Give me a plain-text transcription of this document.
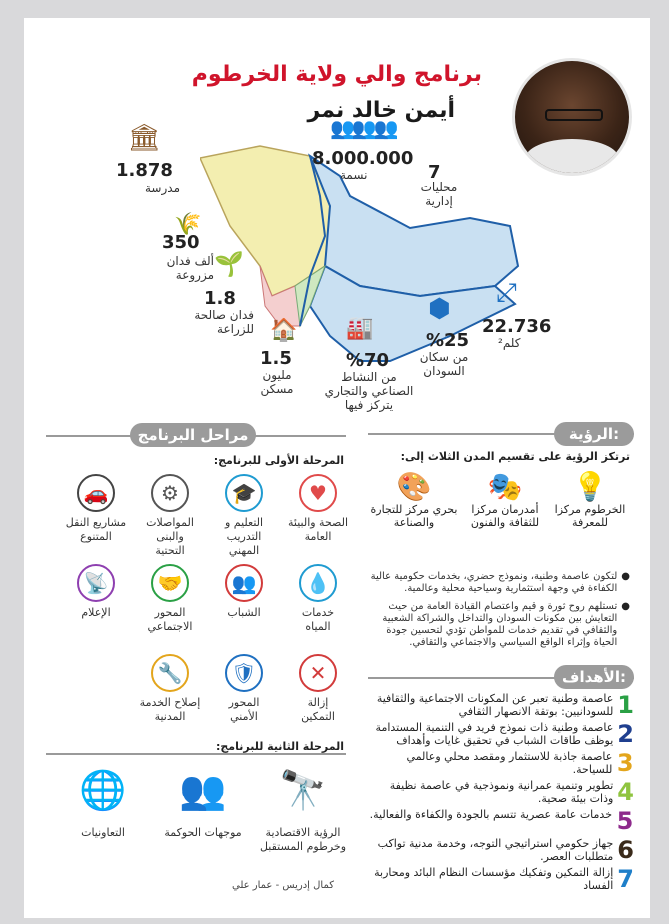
برنامج والي ولاية الخرطوم
أيمن خالد نمر
🏛
1.878
مدرسة
👥👥👥
8.000.000
نسمة	7
محليات
إدارية
🌾
350
ألف فدان
مزروعة 🌱
1.8
فدان صالحة
للزراعة 🏠
1.5
مليون
مسكن
🏭
%70
من النشاط
الصناعي والتجاري
يتركز فيها
⬢
%25
من سكان
السودان
⤢
22.736
كلم²
مراحل البرنامج
المرحلة الأولى للبرنامج:
♥
الصحة والبيئة
العامة
🎓
التعليم و التدريب
المهني
⚙
المواصلات والبنى
التحتية
🚗
مشاريع النقل
المتنوع
💧
خدمات
المياه
👥
الشباب
🤝
المحور
الاجتماعي
📡
الإعلام
✕
إزالة
التمكين
🛡
المحور
الأمني
🔧
إصلاح الخدمة
المدنية
المرحلة الثانية للبرنامج:
🔭
الرؤية الاقتصادية
وخرطوم المستقبل
👥
موجهات الحوكمة
🌐
التعاونيات
كمال إدريس - عمار علي
الرؤية:
ترتكز الرؤية على تقسيم المدن الثلاث إلى:
💡
الخرطوم مركزا
للمعرفة
🎭
أمدرمان مركزا
للثقافة والفنون
🎨
بحري مركز للتجارة
والصناعة
●
لتكون عاصمة وطنية، ونموذج حضري، بخدمات حكومية عالية الكفاءة في وجهة استثمارية وسياحية محلية وعالمية.
●
تستلهم روح ثورة و قيم واعتصام القيادة العامة من حيث التعايش بين مكونات السودان والتداخل والشراكة الشعبية والثقافي في تقديم خدمات للمواطن تؤدي لتحسين جودة الحياة وإثراء الواقع السياسي والاجتماعي والثقافي.
الأهداف:
1
عاصمة وطنية تعبر عن المكونات الاجتماعية والثقافية للسودانيين: بوتقة الانصهار الثقافي
2
عاصمة وطنية ذات نموذج فريد في التنمية المستدامة يوظف طاقات الشباب في تحقيق غايات وأهداف
3
عاصمة جاذبة للاستثمار ومقصد محلي وعالمي للسياحة.
4
تطوير وتنمية عمرانية ونموذجية في عاصمة نظيفة وذات بيئة صحية.
5
خدمات عامة عصرية تتسم بالجودة والكفاءة والفعالية.
6
جهاز حكومي استراتيجي التوجه، وخدمة مدنية تواكب متطلبات العصر.
7
إزالة التمكين وتفكيك مؤسسات النظام البائد ومحاربة الفساد
